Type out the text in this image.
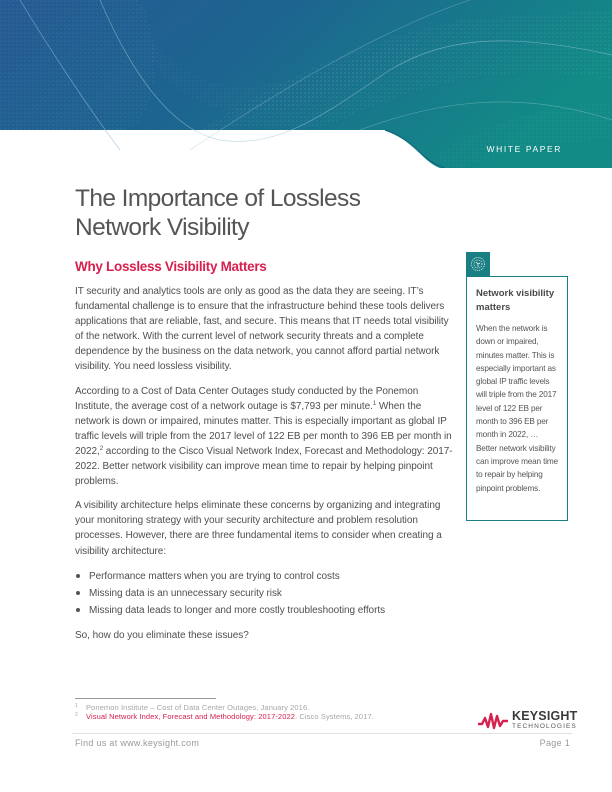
WHITE PAPER
The Importance of Lossless
Network Visibility
Why Lossless Visibility Matters

IT security and analytics tools are only as good as the data they are seeing. IT’s fundamental challenge is to ensure that the infrastructure behind these tools delivers applications that are reliable, fast, and secure. This means that IT needs total visibility of the network. With the current level of network security threats and a complete dependence by the business on the data network, you cannot afford partial network visibility. You need lossless visibility.

According to a Cost of Data Center Outages study conducted by the Ponemon Institute, the average cost of a network outage is $7,793 per minute.$^1$ When the network is down or impaired, minutes matter. This is especially important as global IP traffic levels will triple from the 2017 level of 122 EB per month to 396 EB per month in 2022,$^2$ according to the Cisco Visual Network Index, Forecast and Methodology: 2017-2022. Better network visibility can improve mean time to repair by helping pinpoint problems.

A visibility architecture helps eliminate these concerns by organizing and integrating your monitoring strategy with your security architecture and problem resolution processes. However, there are three fundamental items to consider when creating a visibility architecture:

Performance matters when you are trying to control costs
Missing data is an unnecessary security risk
Missing data leads to longer and more costly troubleshooting efforts

So, how do you eliminate these issues?

Network visibility matters

When the network is down or impaired, minutes matter. This is especially important as global IP traffic levels will triple from the 2017 level of 122 EB per month to 396 EB per month in 2022, … Better network visibility can improve mean time to repair by helping pinpoint problems.

1 Ponemon Institute – Cost of Data Center Outages, January 2016.
2 Visual Network Index, Forecast and Methodology: 2017-2022. Cisco Systems, 2017.	KEYSIGHT
TECHNOLOGIES
Find us at www.keysight.com	Page 1
